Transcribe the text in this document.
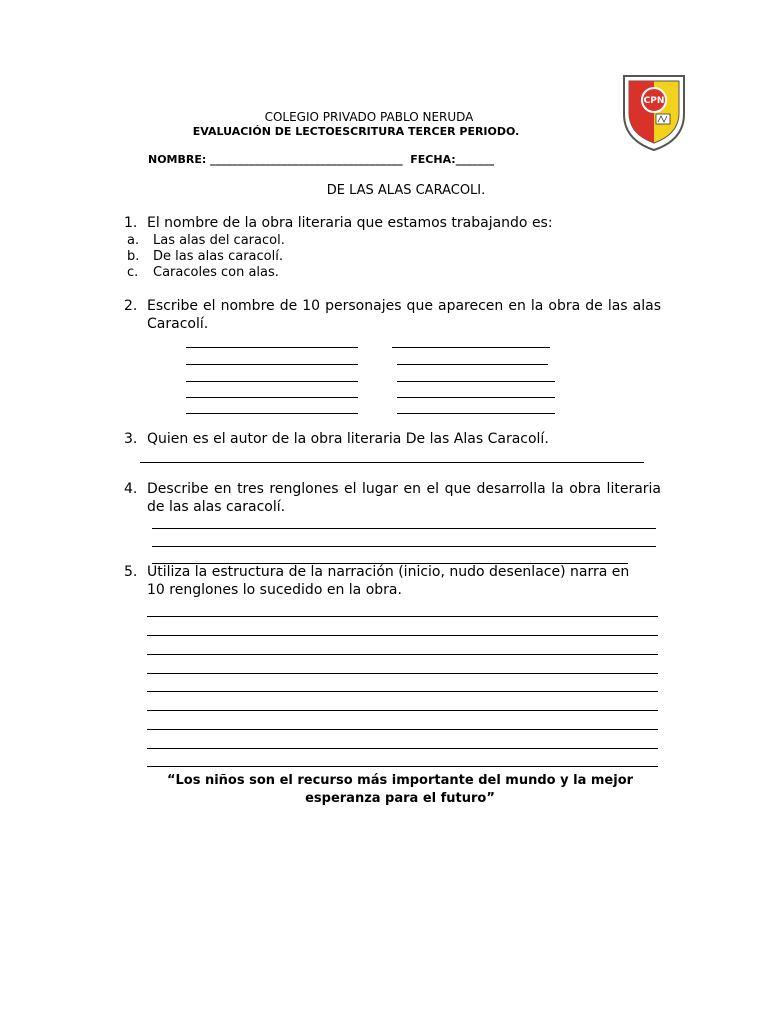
CPN
COLEGIO PRIVADO PABLO NERUDA
EVALUACIÓN DE LECTOESCRITURA TERCER PERIODO.
NOMBRE: ___________________________________  FECHA:_______
DE LAS ALAS CARACOLI.
1. El nombre de la obra literaria que estamos trabajando es:
a. Las alas del caracol.
b. De las alas caracolí.
c. Caracoles con alas.
2. Escribe el nombre de 10 personajes que aparecen en la obra de las alas Caracolí.
3. Quien es el autor de la obra literaria De las Alas Caracolí.
4. Describe en tres renglones el lugar en el que desarrolla la obra literaria de las alas caracolí.
5. Utiliza la estructura de la narración (inicio, nudo desenlace) narra en 10 renglones lo sucedido en la obra.
“Los niños son el recurso más importante del mundo y la mejor esperanza para el futuro”
